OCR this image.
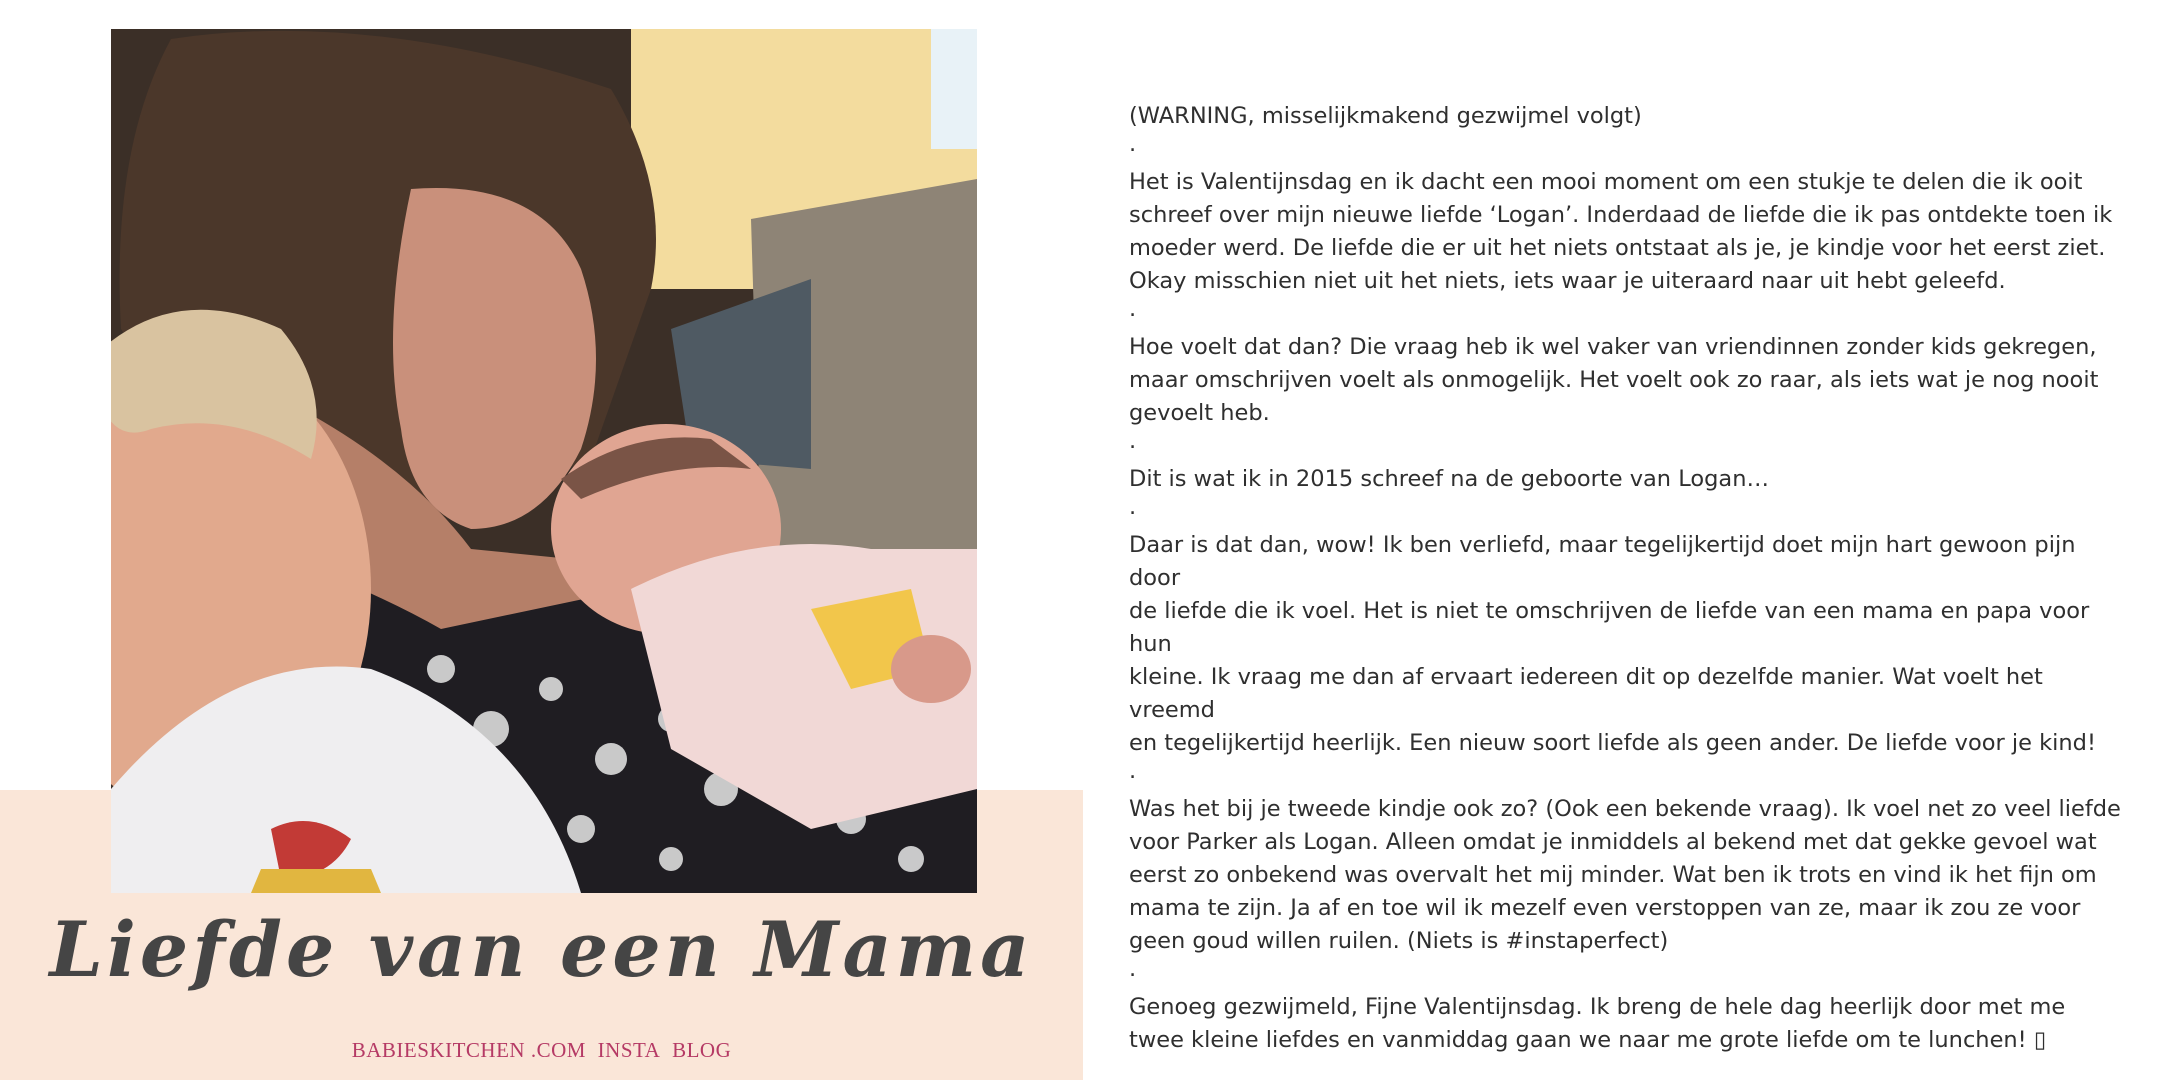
Liefde van een Mama
BABIESKITCHEN .COM INSTA BLOG

(WARNING, misselijkmakend gezwijmel volgt)

.

Het is Valentijnsdag en ik dacht een mooi moment om een stukje te delen die ik ooit
schreef over mijn nieuwe liefde ‘Logan’. Inderdaad de liefde die ik pas ontdekte toen ik
moeder werd. De liefde die er uit het niets ontstaat als je, je kindje voor het eerst ziet.
Okay misschien niet uit het niets, iets waar je uiteraard naar uit hebt geleefd.

.

Hoe voelt dat dan? Die vraag heb ik wel vaker van vriendinnen zonder kids gekregen,
maar omschrijven voelt als onmogelijk. Het voelt ook zo raar, als iets wat je nog nooit
gevoelt heb.

.

Dit is wat ik in 2015 schreef na de geboorte van Logan…

.

Daar is dat dan, wow! Ik ben verliefd, maar tegelijkertijd doet mijn hart gewoon pijn door
de liefde die ik voel. Het is niet te omschrijven de liefde van een mama en papa voor hun
kleine. Ik vraag me dan af ervaart iedereen dit op dezelfde manier. Wat voelt het vreemd
en tegelijkertijd heerlijk. Een nieuw soort liefde als geen ander. De liefde voor je kind!

.

Was het bij je tweede kindje ook zo? (Ook een bekende vraag). Ik voel net zo veel liefde
voor Parker als Logan. Alleen omdat je inmiddels al bekend met dat gekke gevoel wat
eerst zo onbekend was overvalt het mij minder. Wat ben ik trots en vind ik het fijn om
mama te zijn. Ja af en toe wil ik mezelf even verstoppen van ze, maar ik zou ze voor
geen goud willen ruilen. (Niets is #instaperfect)

.

Genoeg gezwijmeld, Fijne Valentijnsdag. Ik breng de hele dag heerlijk door met me
twee kleine liefdes en vanmiddag gaan we naar me grote liefde om te lunchen! ▯
